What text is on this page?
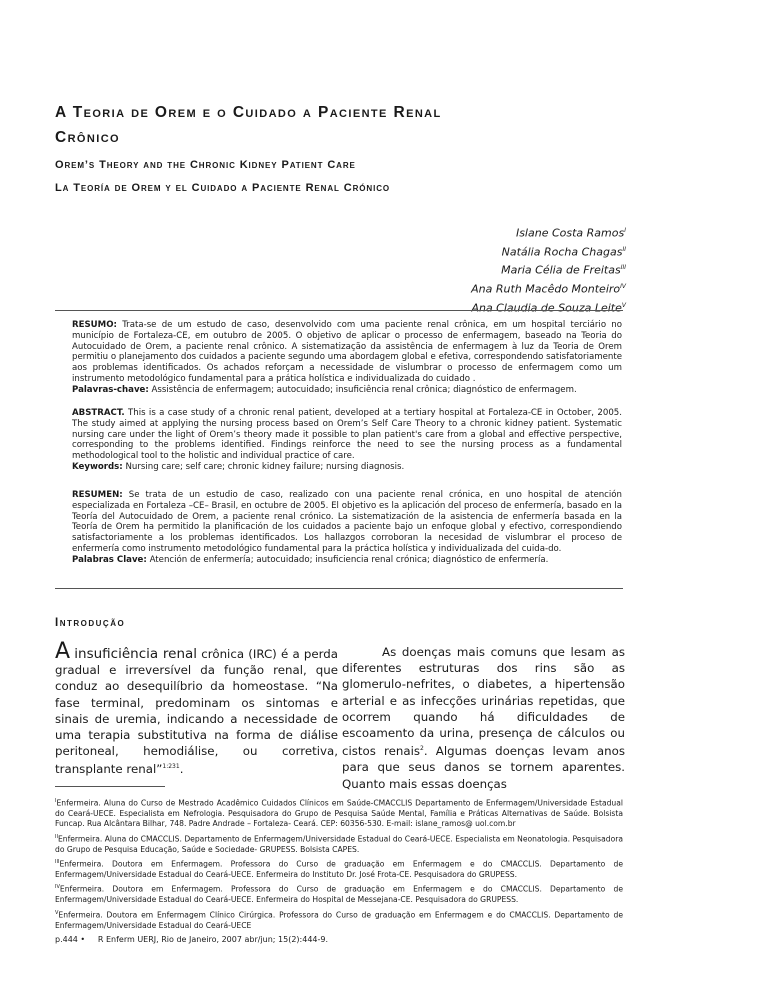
A Teoria de Orem e o Cuidado a Paciente Renal Crônico
Orem’s Theory and the Chronic Kidney Patient Care
La Teoría de Orem y el Cuidado a Paciente Renal Crónico
Islane Costa Ramos$^I$
Natália Rocha Chagas$^{II}$
Maria Célia de Freitas$^{III}$
Ana Ruth Macêdo Monteiro$^{IV}$
Ana Claudia de Souza Leite$^V$
RESUMO: Trata-se de um estudo de caso, desenvolvido com uma paciente renal crônica, em um hospital terciário no município de Fortaleza-CE, em outubro de 2005. O objetivo de aplicar o processo de enfermagem, baseado na Teoria do Autocuidado de Orem, a paciente renal crônico. A sistematização da assistência de enfermagem à luz da Teoria de Orem permitiu o planejamento dos cuidados a paciente segundo uma abordagem global e efetiva, correspondendo satisfatoriamente aos problemas identificados. Os achados reforçam a necessidade de vislumbrar o processo de enfermagem como um instrumento metodológico fundamental para a prática holística e individualizada do cuidado .
Palavras-chave: Assistência de enfermagem; autocuidado; insuficiência renal crônica; diagnóstico de enfermagem.
ABSTRACT. This is a case study of a chronic renal patient, developed at a tertiary hospital at Fortaleza-CE in October, 2005. The study aimed at applying the nursing process based on Orem’s Self Care Theory to a chronic kidney patient. Systematic nursing care under the light of Orem’s theory made it possible to plan patient's care from a global and effective perspective, corresponding to the problems identified. Findings reinforce the need to see the nursing process as a fundamental methodological tool to the holistic and individual practice of care.
Keywords: Nursing care; self care; chronic kidney failure; nursing diagnosis.
RESUMEN: Se trata de un estudio de caso, realizado con una paciente renal crónica, en uno hospital de atención especializada en Fortaleza –CE– Brasil, en octubre de 2005. El objetivo es la aplicación del proceso de enfermería, basado en la Teoría del Autocuidado de Orem, a paciente renal crónico. La sistematización de la asistencia de enfermería basada en la Teoría de Orem ha permitido la planificación de los cuidados a paciente bajo un enfoque global y efectivo, correspondiendo satisfactoriamente a los problemas identificados. Los hallazgos corroboran la necesidad de vislumbrar el proceso de enfermería como instrumento metodológico fundamental para la práctica holística y individualizada del cuida-do.
Palabras Clave: Atención de enfermería; autocuidado; insuficiencia renal crónica; diagnóstico de enfermería.
Introdução
A insuficiência renal crônica (IRC) é a perda gradual e irreversível da função renal, que conduz ao desequilíbrio da homeostase. “Na fase terminal, predominam os sintomas e sinais de uremia, indicando a necessidade de uma terapia substitutiva na forma de diálise peritoneal, hemodiálise, ou corretiva, transplante renal”$^{1:231}$.
As doenças mais comuns que lesam as diferentes estruturas dos rins são as glomerulo-nefrites, o diabetes, a hipertensão arterial e as infecções urinárias repetidas, que ocorrem quando há dificuldades de escoamento da urina, presença de cálculos ou cistos renais$^2$. Algumas doenças levam anos para que seus danos se tornem aparentes. Quanto mais essas doenças

$^I$Enfermeira. Aluna do Curso de Mestrado Acadêmico Cuidados Clínicos em Saúde-CMACCLIS Departamento de Enfermagem/Universidade Estadual do Ceará-UECE. Especialista em Nefrologia. Pesquisadora do Grupo de Pesquisa Saúde Mental, Família e Práticas Alternativas de Saúde. Bolsista Funcap. Rua Alcântara Bilhar, 748. Padre Andrade – Fortaleza- Ceará. CEP: 60356-530. E-mail: islane_ramos@ uol.com.br

$^{II}$Enfermeira. Aluna do CMACCLIS. Departamento de Enfermagem/Universidade Estadual do Ceará-UECE. Especialista em Neonatologia. Pesquisadora do Grupo de Pesquisa Educação, Saúde e Sociedade- GRUPESS. Bolsista CAPES.

$^{III}$Enfermeira. Doutora em Enfermagem. Professora do Curso de graduação em Enfermagem e do CMACCLIS. Departamento de Enfermagem/Universidade Estadual do Ceará-UECE. Enfermeira do Instituto Dr. José Frota-CE. Pesquisadora do GRUPESS.

$^{IV}$Enfermeira. Doutora em Enfermagem. Professora do Curso de graduação em Enfermagem e do CMACCLIS. Departamento de Enfermagem/Universidade Estadual do Ceará-UECE. Enfermeira do Hospital de Messejana-CE. Pesquisadora do GRUPESS.

$^V$Enfermeira. Doutora em Enfermagem Clínico Cirúrgica. Professora do Curso de graduação em Enfermagem e do CMACCLIS. Departamento de Enfermagem/Universidade Estadual do Ceará-UECE

p.444 • R Enferm UERJ, Rio de Janeiro, 2007 abr/jun; 15(2):444-9.
